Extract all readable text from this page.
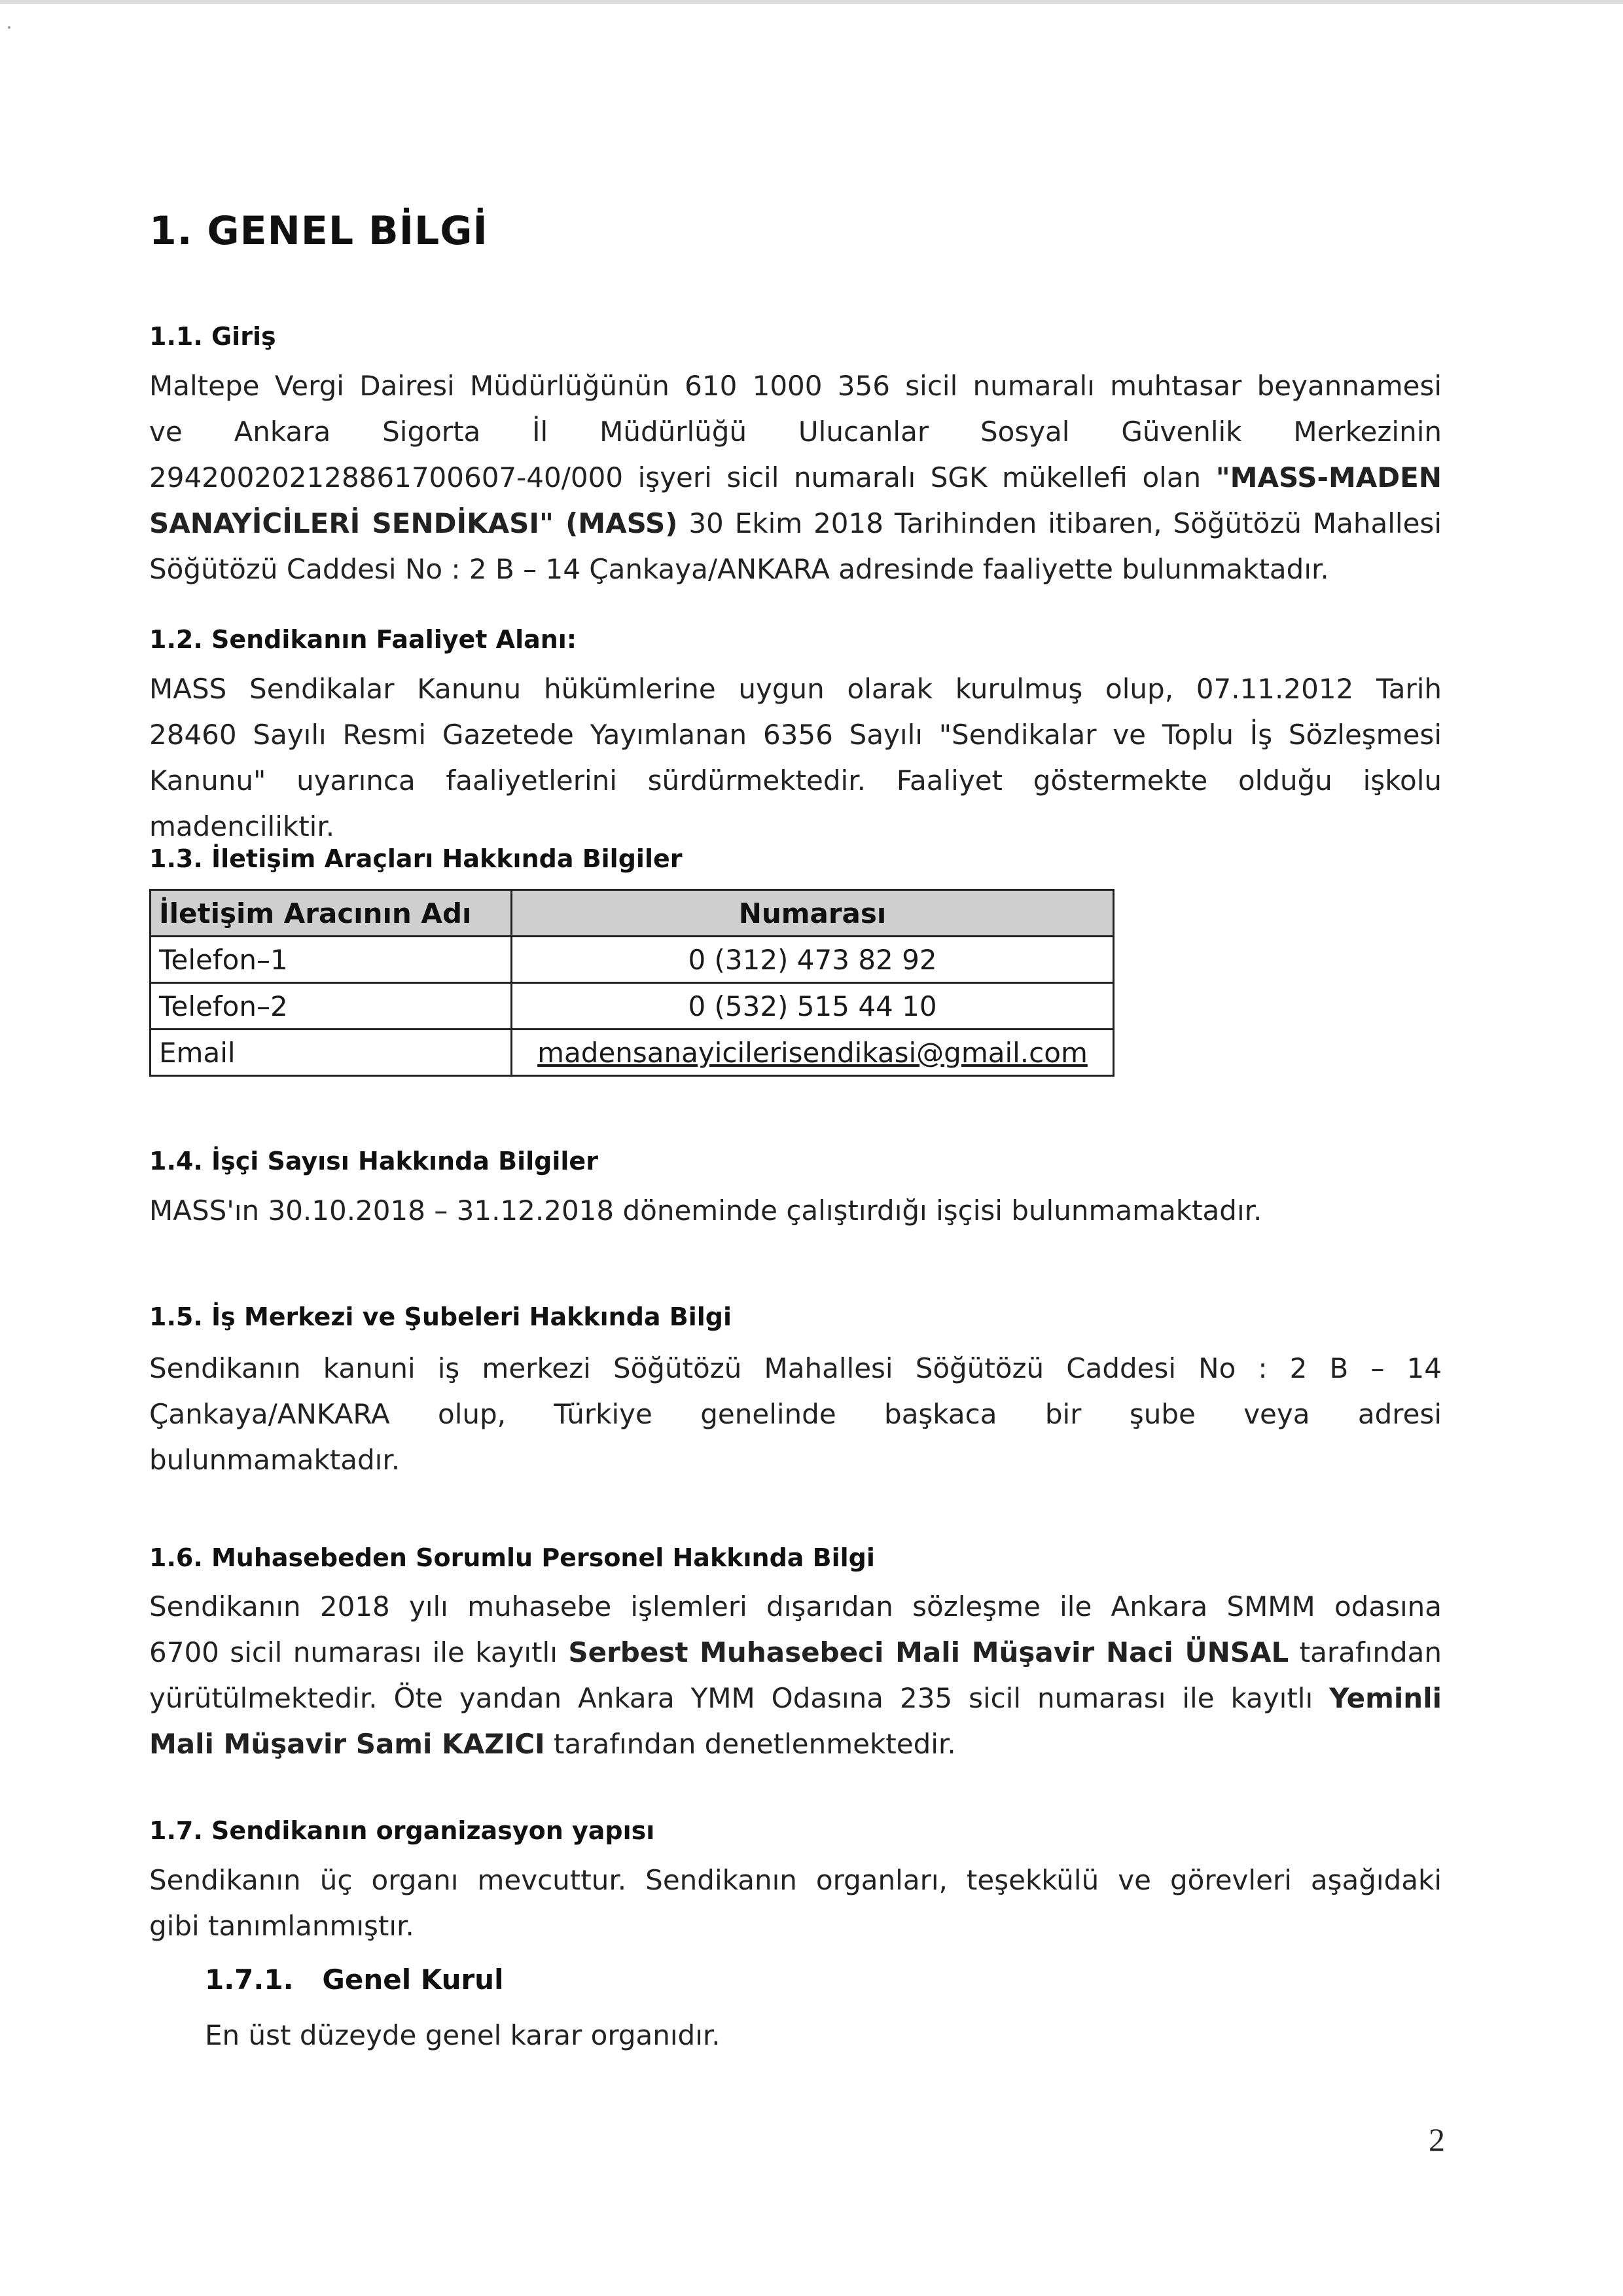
1. GENEL BİLGİ
1.1. Giriş
Maltepe Vergi Dairesi Müdürlüğünün 610 1000 356 sicil numaralı muhtasar beyannamesi
ve Ankara Sigorta İl Müdürlüğü Ulucanlar Sosyal Güvenlik Merkezinin
29420020212886170060​7-40/000 işyeri sicil numaralı SGK mükellefi olan "MASS-MADEN
SANAYİCİLERİ SENDİKASI" (MASS) 30 Ekim 2018 Tarihinden itibaren, Söğütözü Mahallesi
Söğütözü Caddesi No : 2 B – 14 Çankaya/ANKARA adresinde faaliyette bulunmaktadır.
1.2. Sendikanın Faaliyet Alanı:
MASS Sendikalar Kanunu hükümlerine uygun olarak kurulmuş olup, 07.11.2012 Tarih
28460 Sayılı Resmi Gazetede Yayımlanan 6356 Sayılı "Sendikalar ve Toplu İş Sözleşmesi
Kanunu" uyarınca faaliyetlerini sürdürmektedir. Faaliyet göstermekte olduğu işkolu
madenciliktir.
1.3. İletişim Araçları Hakkında Bilgiler
İletişim Aracının Adı	Numarası
Telefon–1	0 (312) 473 82 92
Telefon–2	0 (532) 515 44 10
Email	madensanayicilerisendikasi@gmail.com
1.4. İşçi Sayısı Hakkında Bilgiler
MASS'ın 30.10.2018 – 31.12.2018 döneminde çalıştırdığı işçisi bulunmamaktadır.
1.5. İş Merkezi ve Şubeleri Hakkında Bilgi
Sendikanın kanuni iş merkezi Söğütözü Mahallesi Söğütözü Caddesi No : 2 B – 14
Çankaya/ANKARA olup, Türkiye genelinde başkaca bir şube veya adresi
bulunmamaktadır.
1.6. Muhasebeden Sorumlu Personel Hakkında Bilgi
Sendikanın 2018 yılı muhasebe işlemleri dışarıdan sözleşme ile Ankara SMMM odasına
6700 sicil numarası ile kayıtlı Serbest Muhasebeci Mali Müşavir Naci ÜNSAL tarafından
yürütülmektedir. Öte yandan Ankara YMM Odasına 235 sicil numarası ile kayıtlı Yeminli
Mali Müşavir Sami KAZICI tarafından denetlenmektedir.
1.7. Sendikanın organizasyon yapısı
Sendikanın üç organı mevcuttur. Sendikanın organları, teşekkülü ve görevleri aşağıdaki
gibi tanımlanmıştır.
1.7.1.   Genel Kurul
En üst düzeyde genel karar organıdır.
2
